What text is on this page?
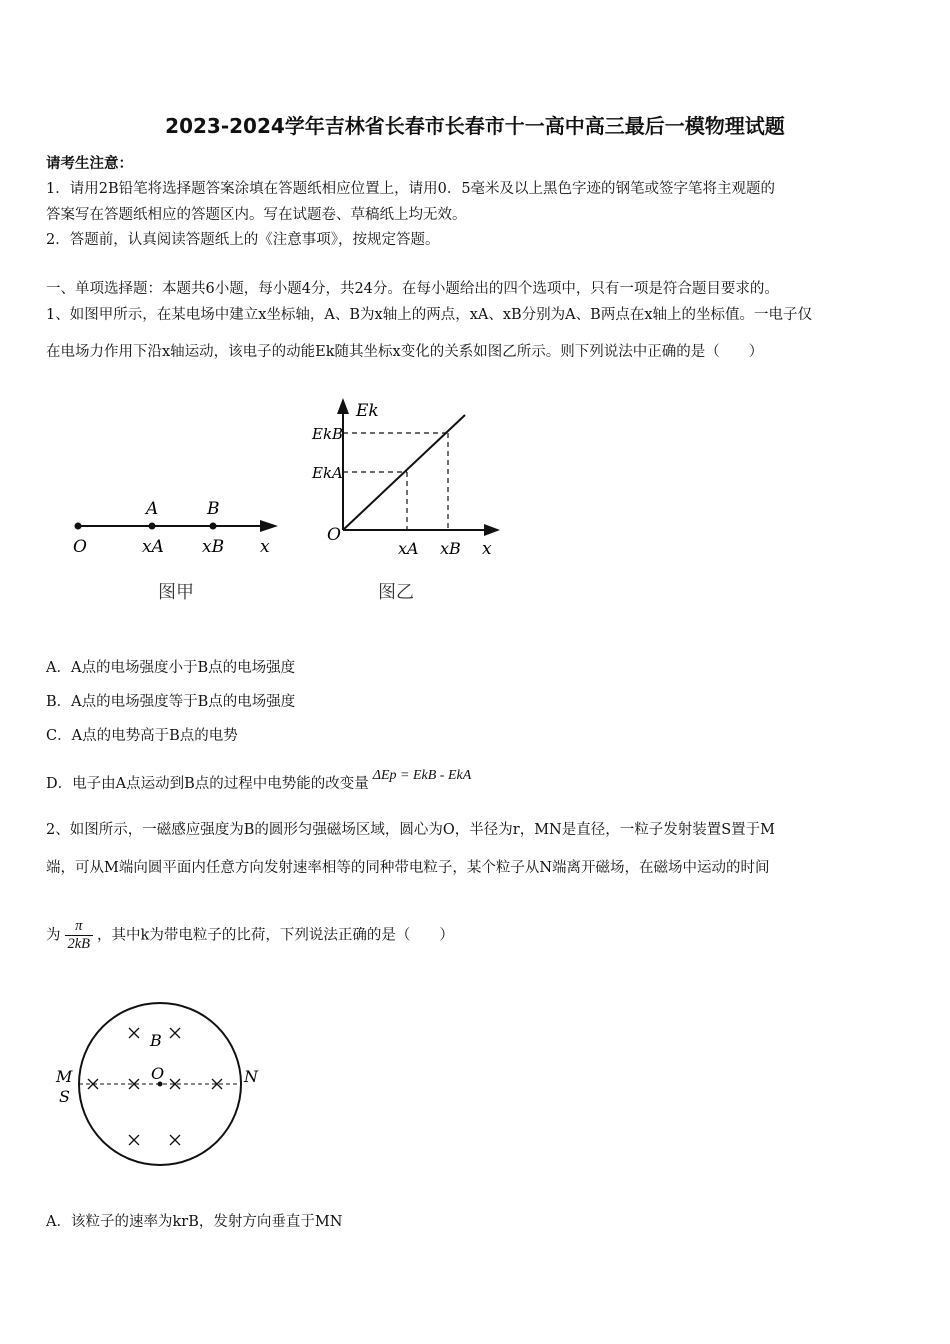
2023-2024学年吉林省长春市长春市十一高中高三最后一模物理试题
请考生注意：
1．请用2B铅笔将选择题答案涂填在答题纸相应位置上，请用0．5毫米及以上黑色字迹的钢笔或签字笔将主观题的
答案写在答题纸相应的答题区内。写在试题卷、草稿纸上均无效。
2．答题前，认真阅读答题纸上的《注意事项》，按规定答题。
一、单项选择题：本题共6小题，每小题4分，共24分。在每小题给出的四个选项中，只有一项是符合题目要求的。
1、如图甲所示，在某电场中建立x坐标轴，A、B为x轴上的两点，xA、xB分别为A、B两点在x轴上的坐标值。一电子仅
在电场力作用下沿x轴运动，该电子的动能Ek随其坐标x变化的关系如图乙所示。则下列说法中正确的是（　　）
A	B
O	xA xB x
图甲
Ek
EkB
EkA
O
xA xB x
图乙
A．A点的电场强度小于B点的电场强度
B．A点的电场强度等于B点的电场强度
C．A点的电势高于B点的电势
D．电子由A点运动到B点的过程中电势能的改变量ΔEp = EkB - EkA
2、如图所示，一磁感应强度为B的圆形匀强磁场区域，圆心为O，半径为r，MN是直径，一粒子发射装置S置于M
端，可从M端向圆平面内任意方向发射速率相等的同种带电粒子，某个粒子从N端离开磁场，在磁场中运动的时间
为 $\frac{\pi}{2kB}$ ，其中k为带电粒子的比荷，下列说法正确的是（　　）
B
O
M
S
N
A．该粒子的速率为krB，发射方向垂直于MN
